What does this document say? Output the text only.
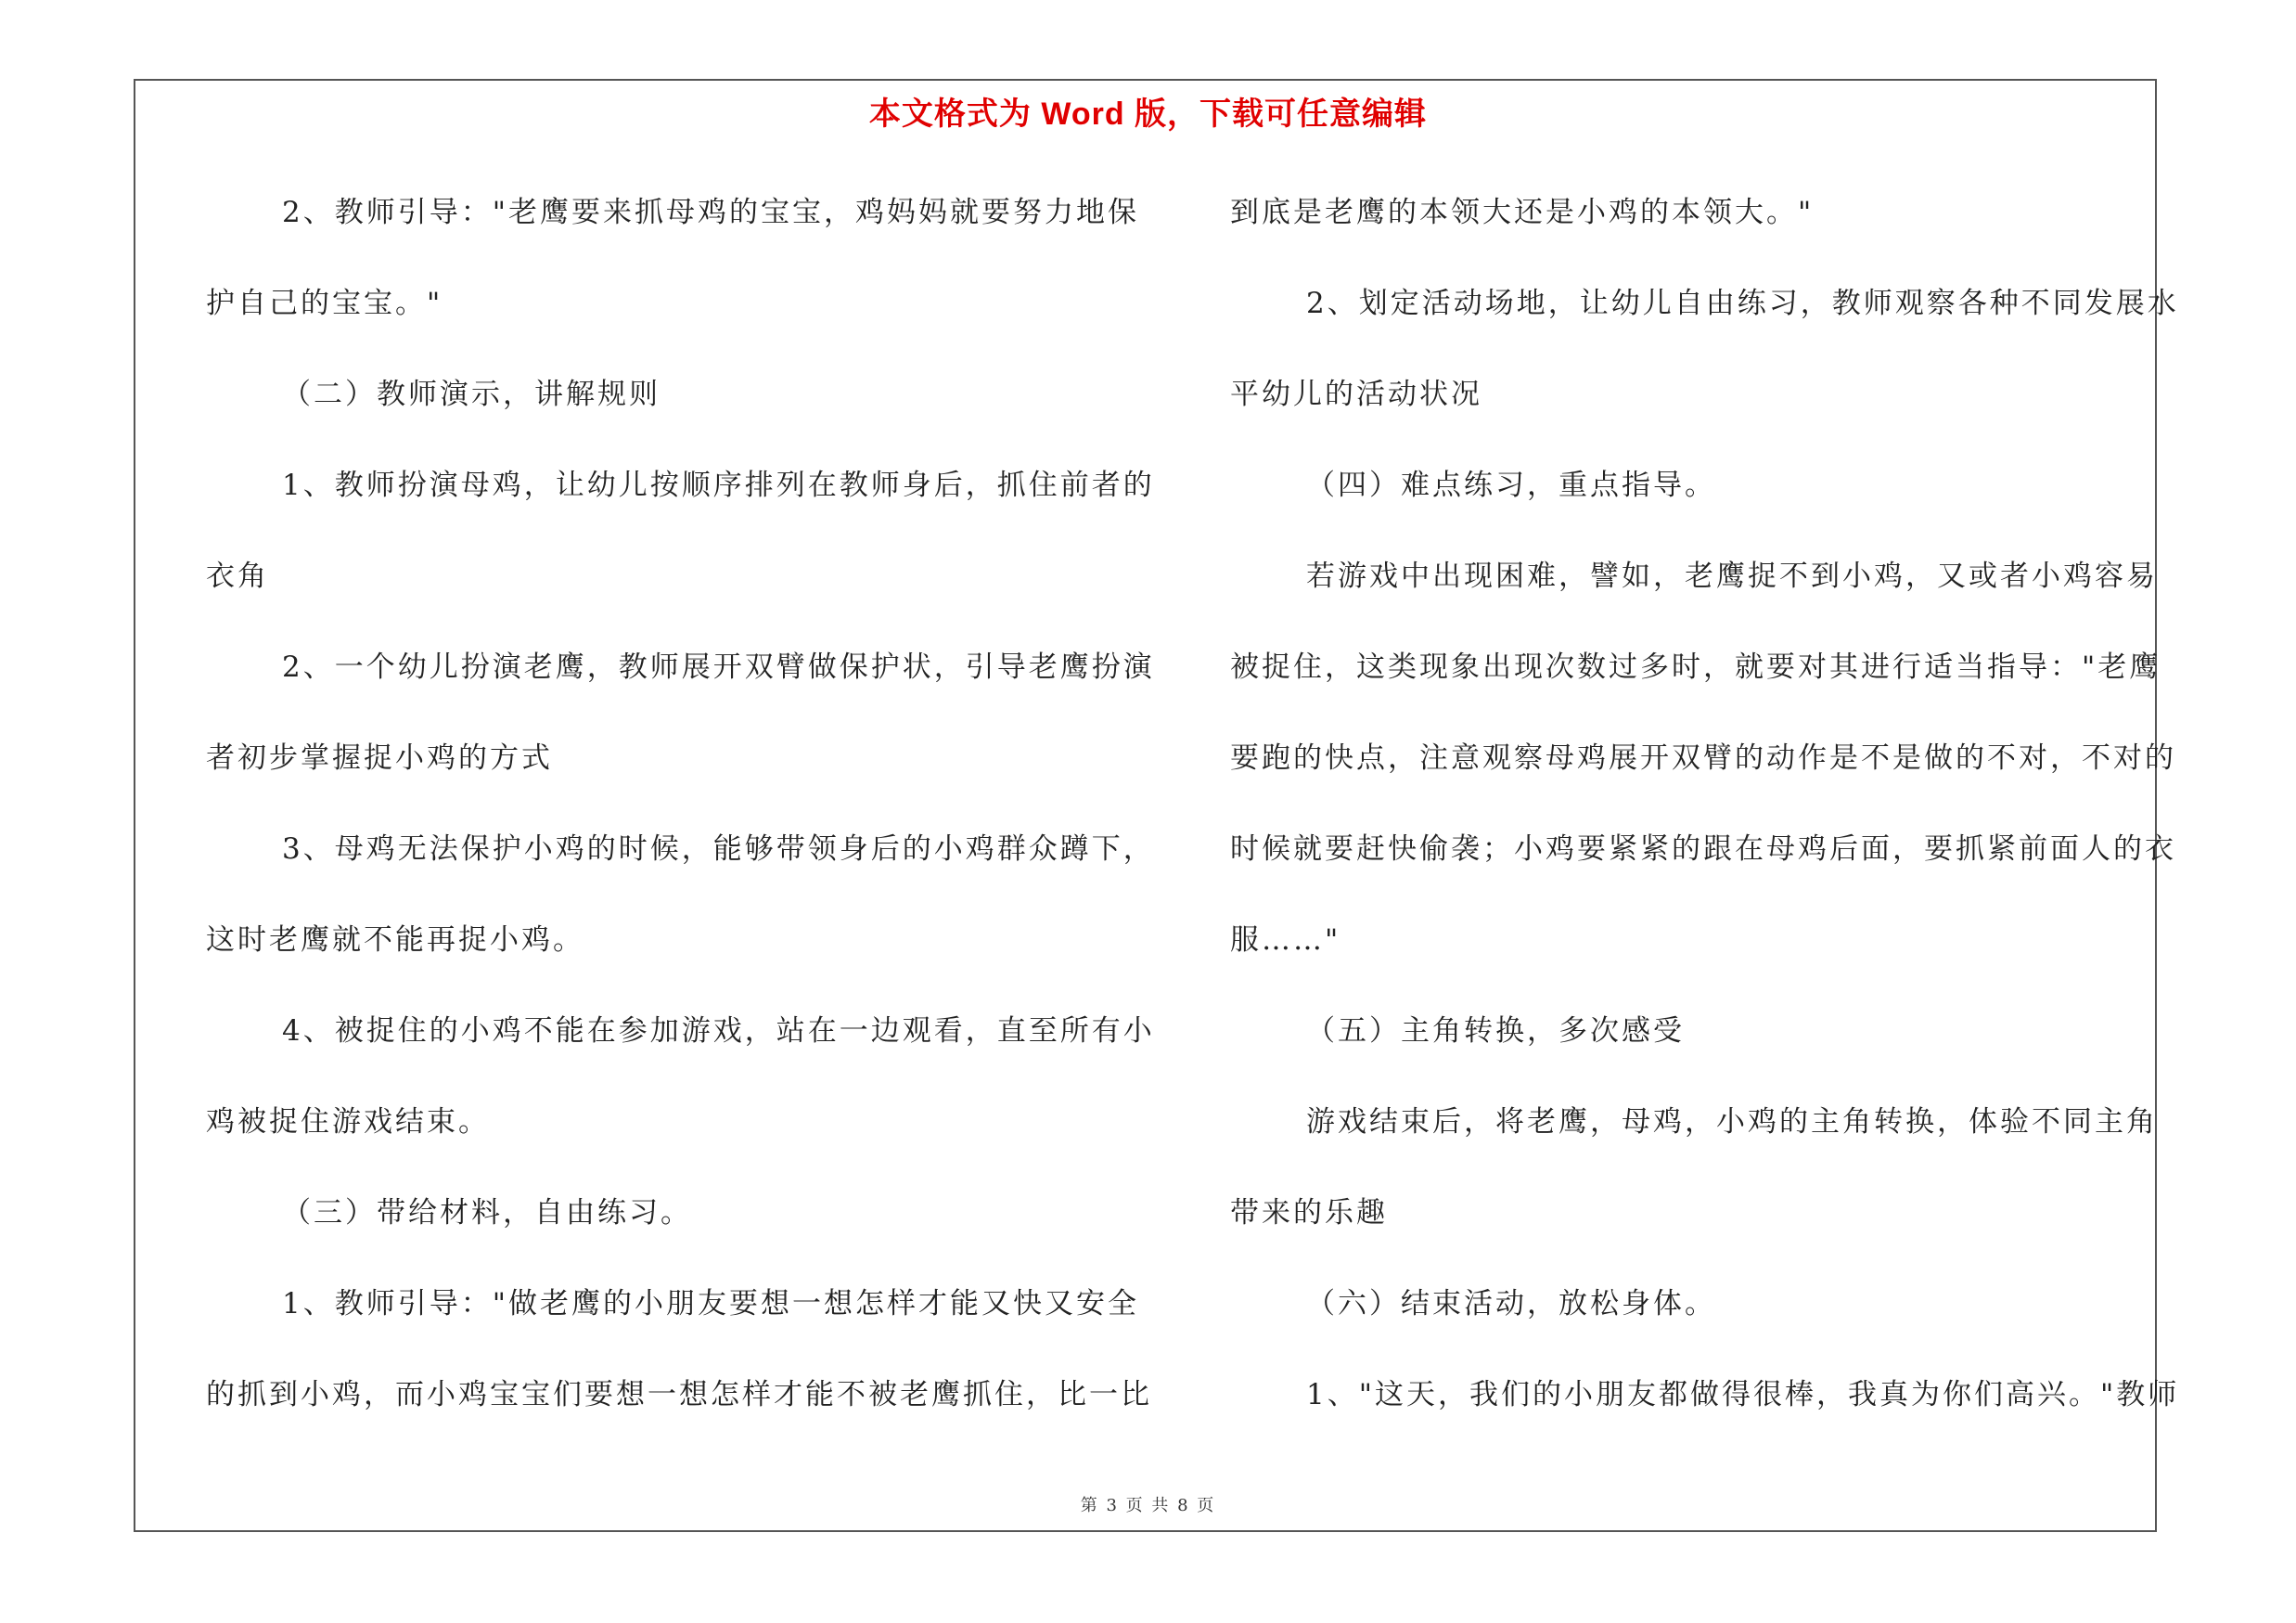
本文格式为 Word 版，下载可任意编辑

2、教师引导："老鹰要来抓母鸡的宝宝，鸡妈妈就要努力地保

护自己的宝宝。"

（二）教师演示，讲解规则

1、教师扮演母鸡，让幼儿按顺序排列在教师身后，抓住前者的

衣角

2、一个幼儿扮演老鹰，教师展开双臂做保护状，引导老鹰扮演

者初步掌握捉小鸡的方式

3、母鸡无法保护小鸡的时候，能够带领身后的小鸡群众蹲下，

这时老鹰就不能再捉小鸡。

4、被捉住的小鸡不能在参加游戏，站在一边观看，直至所有小

鸡被捉住游戏结束。

（三）带给材料，自由练习。

1、教师引导："做老鹰的小朋友要想一想怎样才能又快又安全

的抓到小鸡，而小鸡宝宝们要想一想怎样才能不被老鹰抓住，比一比

到底是老鹰的本领大还是小鸡的本领大。"

2、划定活动场地，让幼儿自由练习，教师观察各种不同发展水

平幼儿的活动状况

（四）难点练习，重点指导。

若游戏中出现困难，譬如，老鹰捉不到小鸡，又或者小鸡容易

被捉住，这类现象出现次数过多时，就要对其进行适当指导："老鹰

要跑的快点，注意观察母鸡展开双臂的动作是不是做的不对，不对的

时候就要赶快偷袭；小鸡要紧紧的跟在母鸡后面，要抓紧前面人的衣

服……"

（五）主角转换，多次感受

游戏结束后，将老鹰，母鸡，小鸡的主角转换，体验不同主角

带来的乐趣

（六）结束活动，放松身体。

1、"这天，我们的小朋友都做得很棒，我真为你们高兴。"教师

第 3 页 共 8 页
